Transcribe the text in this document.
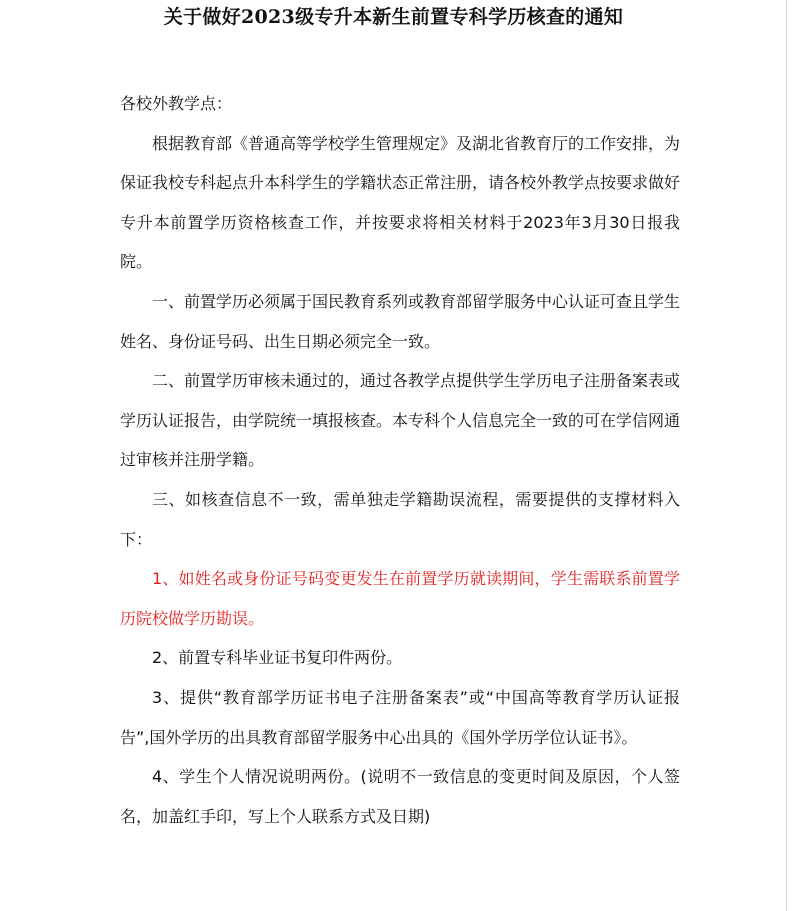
关于做好2023级专升本新生前置专科学历核查的通知

各校外教学点：

根据教育部《普通高等学校学生管理规定》及湖北省教育厅的工作安排，为保证我校专科起点升本科学生的学籍状态正常注册，请各校外教学点按要求做好专升本前置学历资格核查工作，并按要求将相关材料于2023年3月30日报我院。

一、前置学历必须属于国民教育系列或教育部留学服务中心认证可查且学生姓名、身份证号码、出生日期必须完全一致。

二、前置学历审核未通过的，通过各教学点提供学生学历电子注册备案表或学历认证报告，由学院统一填报核查。本专科个人信息完全一致的可在学信网通过审核并注册学籍。

三、如核查信息不一致，需单独走学籍勘误流程，需要提供的支撑材料入下：

1、如姓名或身份证号码变更发生在前置学历就读期间，学生需联系前置学历院校做学历勘误。

2、前置专科毕业证书复印件两份。

3、提供“教育部学历证书电子注册备案表”或“中国高等教育学历认证报告”,国外学历的出具教育部留学服务中心出具的《国外学历学位认证书》。

4、学生个人情况说明两份。(说明不一致信息的变更时间及原因，个人签名，加盖红手印，写上个人联系方式及日期)
